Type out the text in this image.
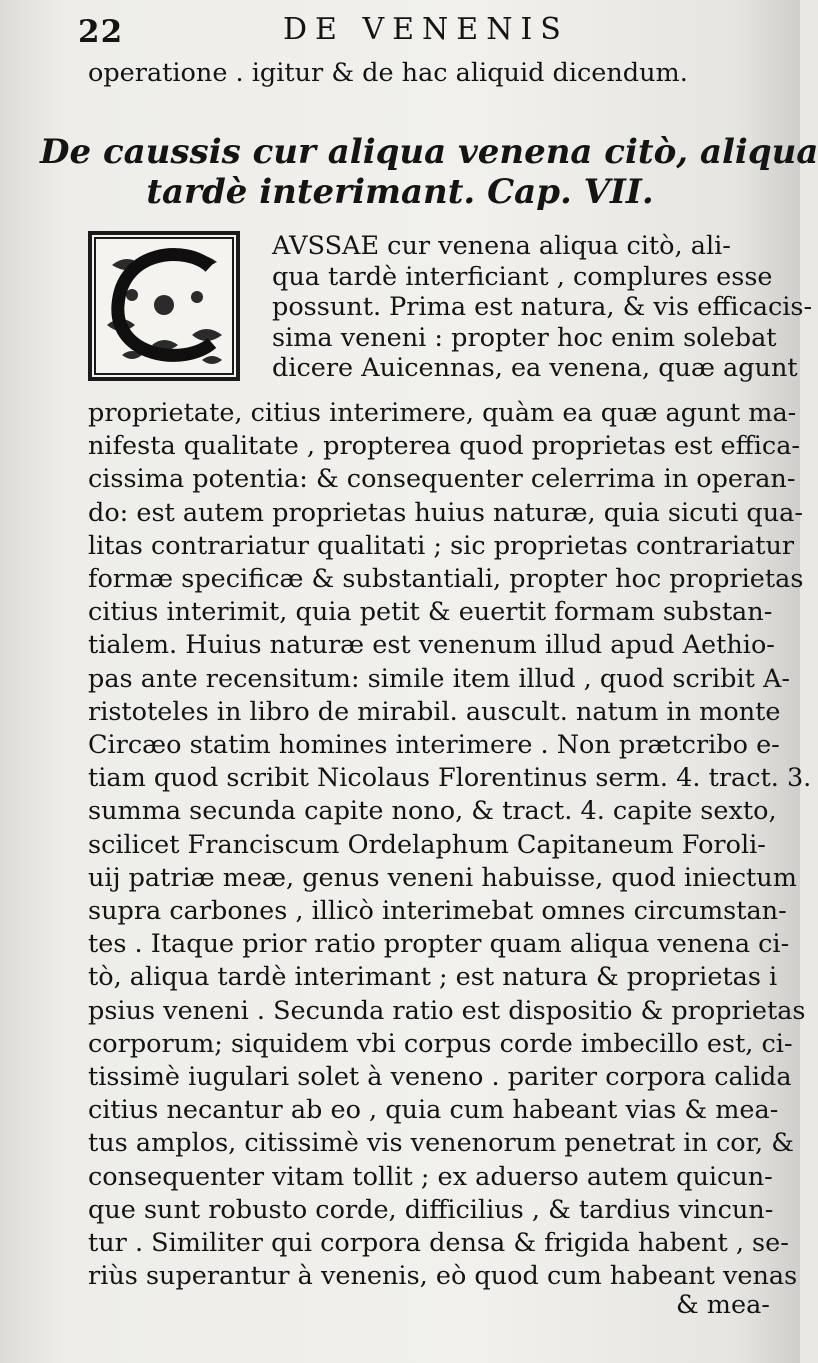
22	DE VENENIS
operatione . igitur & de hac aliquid dicendum.
De caussis cur aliqua venena citò, aliqua
tardè interimant. Cap. VII.
AVSSAE cur venena aliqua citò, ali-
qua tardè interficiant , complures esse
possunt. Prima est natura, & vis efficacis-
sima veneni : propter hoc enim solebat
dicere Auicennas, ea venena, quæ agunt
proprietate, citius interimere, quàm ea quæ agunt ma-
nifesta qualitate , propterea quod proprietas est effica-
cissima potentia: & consequenter celerrima in operan-
do: est autem proprietas huius naturæ, quia sicuti qua-
litas contrariatur qualitati ; sic proprietas contrariatur
formæ specificæ & substantiali, propter hoc proprietas
citius interimit, quia petit & euertit formam substan-
tialem. Huius naturæ est venenum illud apud Aethio-
pas ante recensitum: simile item illud , quod scribit A-
ristoteles in libro de mirabil. auscult. natum in monte
Circæo statim homines interimere . Non prætcribo e-
tiam quod scribit Nicolaus Florentinus serm. 4. tract. 3.
summa secunda capite nono, & tract. 4. capite sexto,
scilicet Franciscum Ordelaphum Capitaneum Foroli-
uij patriæ meæ, genus veneni habuisse, quod iniectum
supra carbones , illicò interimebat omnes circumstan-
tes . Itaque prior ratio propter quam aliqua venena ci-
tò, aliqua tardè interimant ; est natura & proprietas i
psius veneni . Secunda ratio est dispositio & proprietas
corporum; siquidem vbi corpus corde imbecillo est, ci-
tissimè iugulari solet à veneno . pariter corpora calida
citius necantur ab eo , quia cum habeant vias & mea-
tus amplos, citissimè vis venenorum penetrat in cor, &
consequenter vitam tollit ; ex aduerso autem quicun-
que sunt robusto corde, difficilius , & tardius vincun-
tur . Similiter qui corpora densa & frigida habent , se-
riùs superantur à venenis, eò quod cum habeant venas
& mea-
